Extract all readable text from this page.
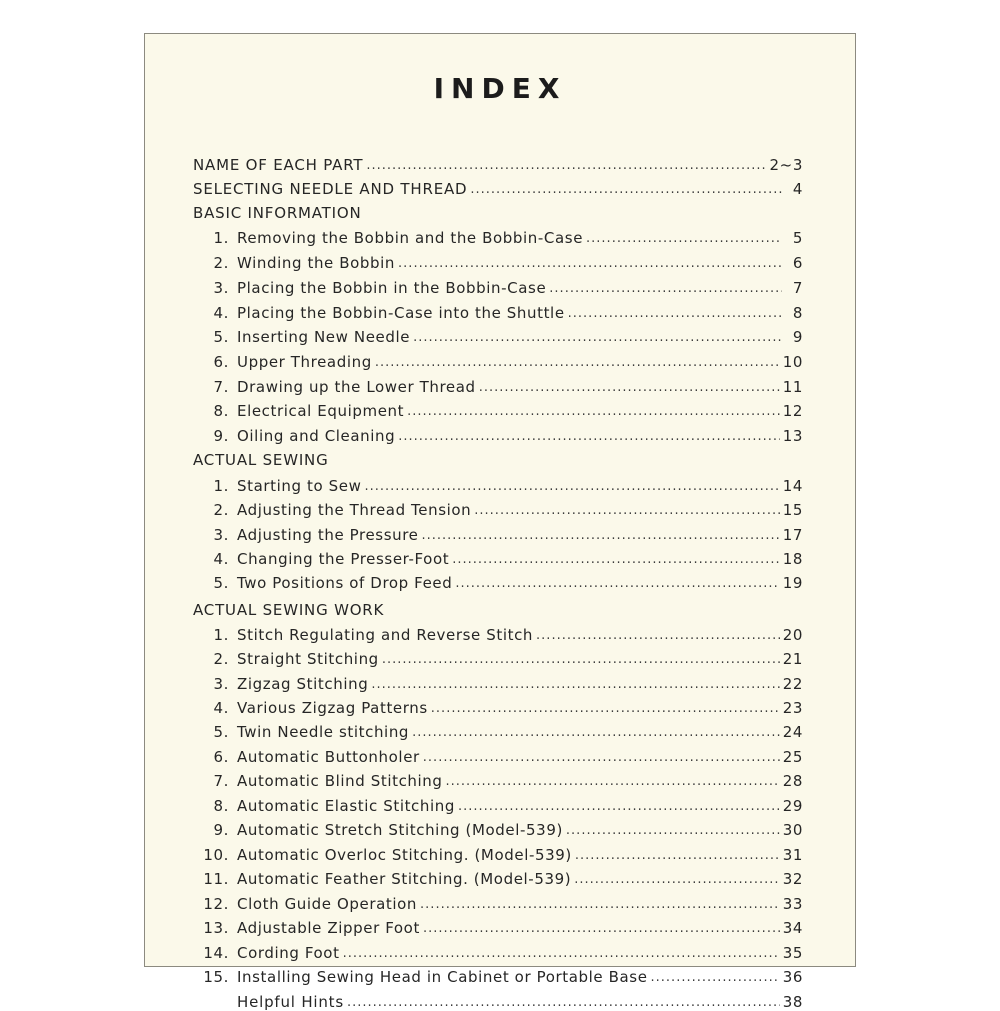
INDEX
NAME OF EACH PART .....	2~3
SELECTING NEEDLE AND THREAD .....	4
BASIC INFORMATION
1. Removing the Bobbin and the Bobbin-Case .....	5
2. Winding the Bobbin .....	6
3. Placing the Bobbin in the Bobbin-Case .....	7
4. Placing the Bobbin-Case into the Shuttle .....	8
5. Inserting New Needle .....	9
6. Upper Threading .....	10
7. Drawing up the Lower Thread .....	11
8. Electrical Equipment .....	12
9. Oiling and Cleaning .....	13
ACTUAL SEWING
1. Starting to Sew .....	14
2. Adjusting the Thread Tension .....	15
3. Adjusting the Pressure .....	17
4. Changing the Presser-Foot .....	18
5. Two Positions of Drop Feed .....	19
ACTUAL SEWING WORK
1. Stitch Regulating and Reverse Stitch .....	20
2. Straight Stitching .....	21
3. Zigzag Stitching .....	22
4. Various Zigzag Patterns .....	23
5. Twin Needle stitching .....	24
6. Automatic Buttonholer .....	25
7. Automatic Blind Stitching .....	28
8. Automatic Elastic Stitching .....	29
9. Automatic Stretch Stitching (Model-539) .....	30
10. Automatic Overloc Stitching. (Model-539) .....	31
11. Automatic Feather Stitching. (Model-539) .....	32
12. Cloth Guide Operation .....	33
13. Adjustable Zipper Foot .....	34
14. Cording Foot .....	35
15. Installing Sewing Head in Cabinet or Portable Base .....	36
Helpful Hints .....	38
